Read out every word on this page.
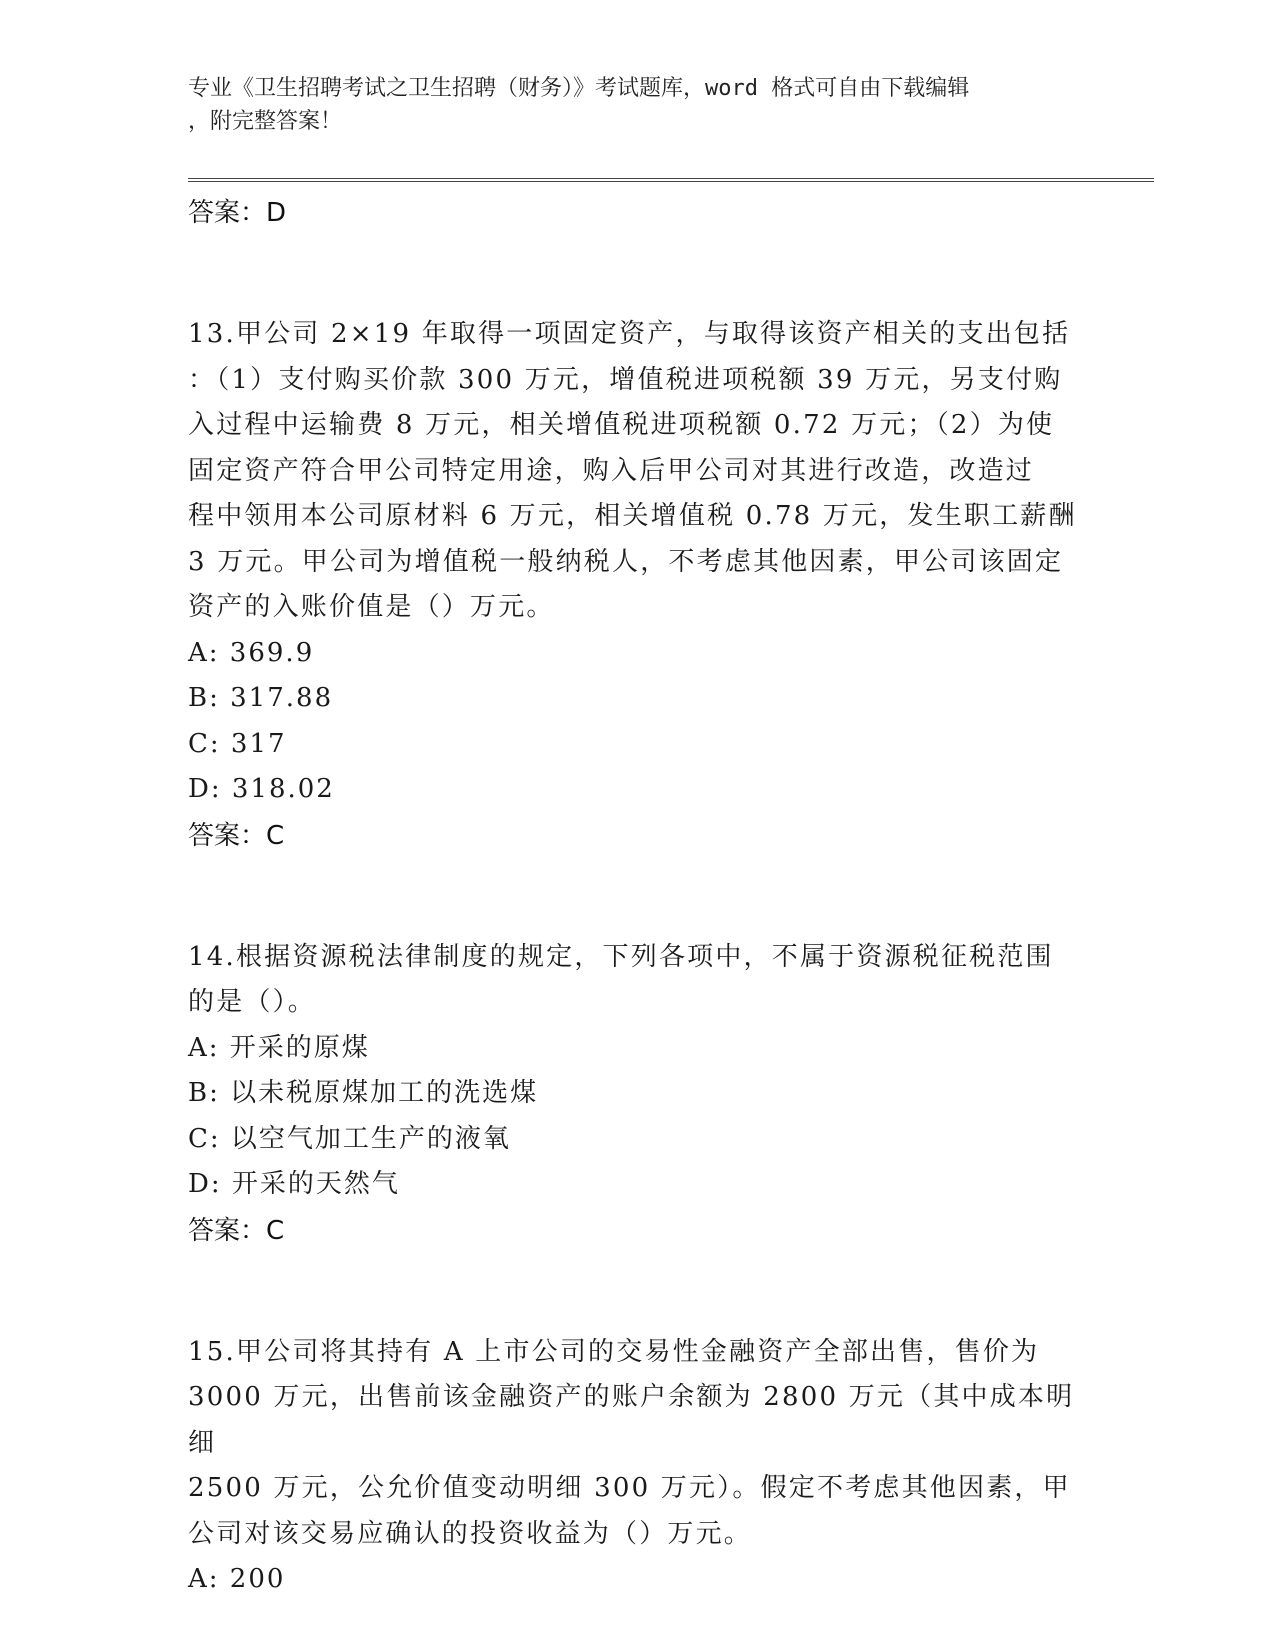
专业《卫生招聘考试之卫生招聘（财务）》考试题库，word 格式可自由下载编辑
，附完整答案！

答案：D

13.甲公司 2×19 年取得一项固定资产，与取得该资产相关的支出包括
：（1）支付购买价款 300 万元，增值税进项税额 39 万元，另支付购
入过程中运输费 8 万元，相关增值税进项税额 0.72 万元；（2）为使
固定资产符合甲公司特定用途，购入后甲公司对其进行改造，改造过
程中领用本公司原材料 6 万元，相关增值税 0.78 万元，发生职工薪酬
3 万元。甲公司为增值税一般纳税人，不考虑其他因素，甲公司该固定
资产的入账价值是（）万元。

A: 369.9

B: 317.88

C: 317

D: 318.02

答案：C

14.根据资源税法律制度的规定，下列各项中，不属于资源税征税范围
的是（）。

A: 开采的原煤

B: 以未税原煤加工的洗选煤

C: 以空气加工生产的液氧

D: 开采的天然气

答案：C

15.甲公司将其持有 A 上市公司的交易性金融资产全部出售，售价为
3000 万元，出售前该金融资产的账户余额为 2800 万元（其中成本明细
2500 万元，公允价值变动明细 300 万元）。假定不考虑其他因素，甲
公司对该交易应确认的投资收益为（）万元。

A: 200
